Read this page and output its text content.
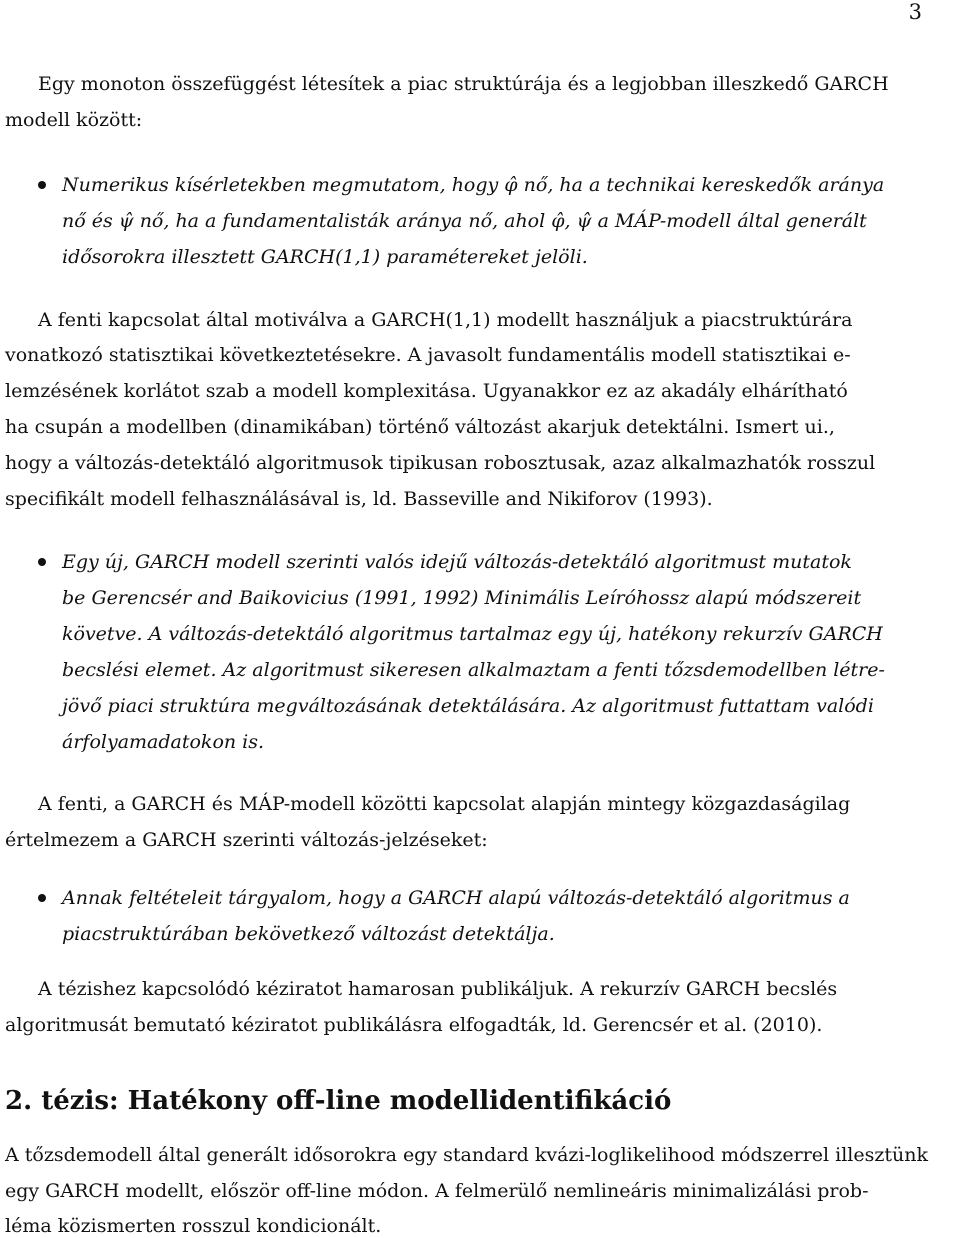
3
Egy monoton összefüggést létesítek a piac struktúrája és a legjobban illeszkedő GARCH
modell között:
Numerikus kísérletekben megmutatom, hogy φ̂ nő, ha a technikai kereskedők aránya
nő és ψ̂ nő, ha a fundamentalisták aránya nő, ahol φ̂, ψ̂ a MÁP-modell által generált
idősorokra illesztett GARCH(1,1) paramétereket jelöli.
A fenti kapcsolat által motiválva a GARCH(1,1) modellt használjuk a piacstruktúrára
vonatkozó statisztikai következtetésekre. A javasolt fundamentális modell statisztikai e-
lemzésének korlátot szab a modell komplexitása. Ugyanakkor ez az akadály elhárítható
ha csupán a modellben (dinamikában) történő változást akarjuk detektálni. Ismert ui.,
hogy a változás-detektáló algoritmusok tipikusan robosztusak, azaz alkalmazhatók rosszul
specifikált modell felhasználásával is, ld. Basseville and Nikiforov (1993).
Egy új, GARCH modell szerinti valós idejű változás-detektáló algoritmust mutatok
be Gerencsér and Baikovicius (1991, 1992) Minimális Leíróhossz alapú módszereit
követve. A változás-detektáló algoritmus tartalmaz egy új, hatékony rekurzív GARCH
becslési elemet. Az algoritmust sikeresen alkalmaztam a fenti tőzsdemodellben létre-
jövő piaci struktúra megváltozásának detektálására. Az algoritmust futtattam valódi
árfolyamadatokon is.
A fenti, a GARCH és MÁP-modell közötti kapcsolat alapján mintegy közgazdaságilag
értelmezem a GARCH szerinti változás-jelzéseket:
Annak feltételeit tárgyalom, hogy a GARCH alapú változás-detektáló algoritmus a
piacstruktúrában bekövetkező változást detektálja.
A tézishez kapcsolódó kéziratot hamarosan publikáljuk. A rekurzív GARCH becslés
algoritmusát bemutató kéziratot publikálásra elfogadták, ld. Gerencsér et al. (2010).
2. tézis: Hatékony off-line modellidentifikáció
A tőzsdemodell által generált idősorokra egy standard kvázi-loglikelihood módszerrel illesztünk
egy GARCH modellt, először off-line módon. A felmerülő nemlineáris minimalizálási prob-
léma közismerten rosszul kondicionált.
